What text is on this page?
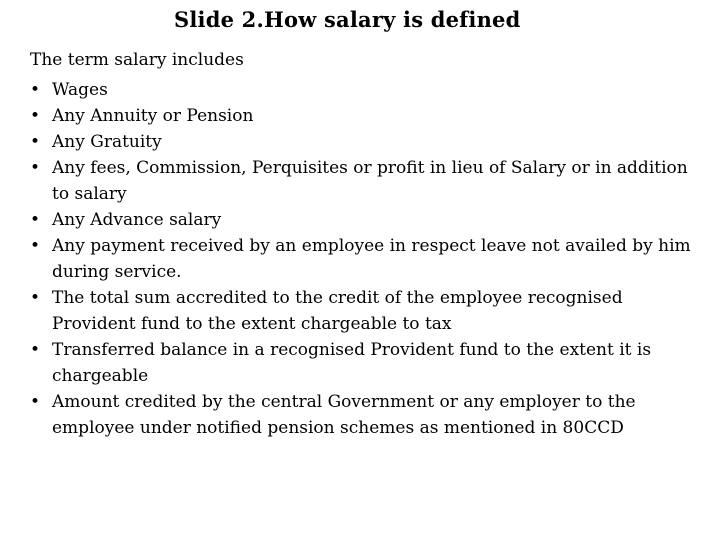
Slide 2.How salary is defined
The term salary includes
• Wages
• Any Annuity or Pension
• Any Gratuity
• Any fees, Commission, Perquisites or profit in lieu of Salary or in addition to salary
• Any Advance salary
• Any payment received by an employee in respect leave not availed by him during service.
• The total sum accredited to the credit of the employee recognised Provident fund to the extent chargeable to tax
• Transferred balance in a recognised Provident fund to the extent it is chargeable
• Amount credited by the central Government or any employer to the employee under notified pension schemes as mentioned in 80CCD
